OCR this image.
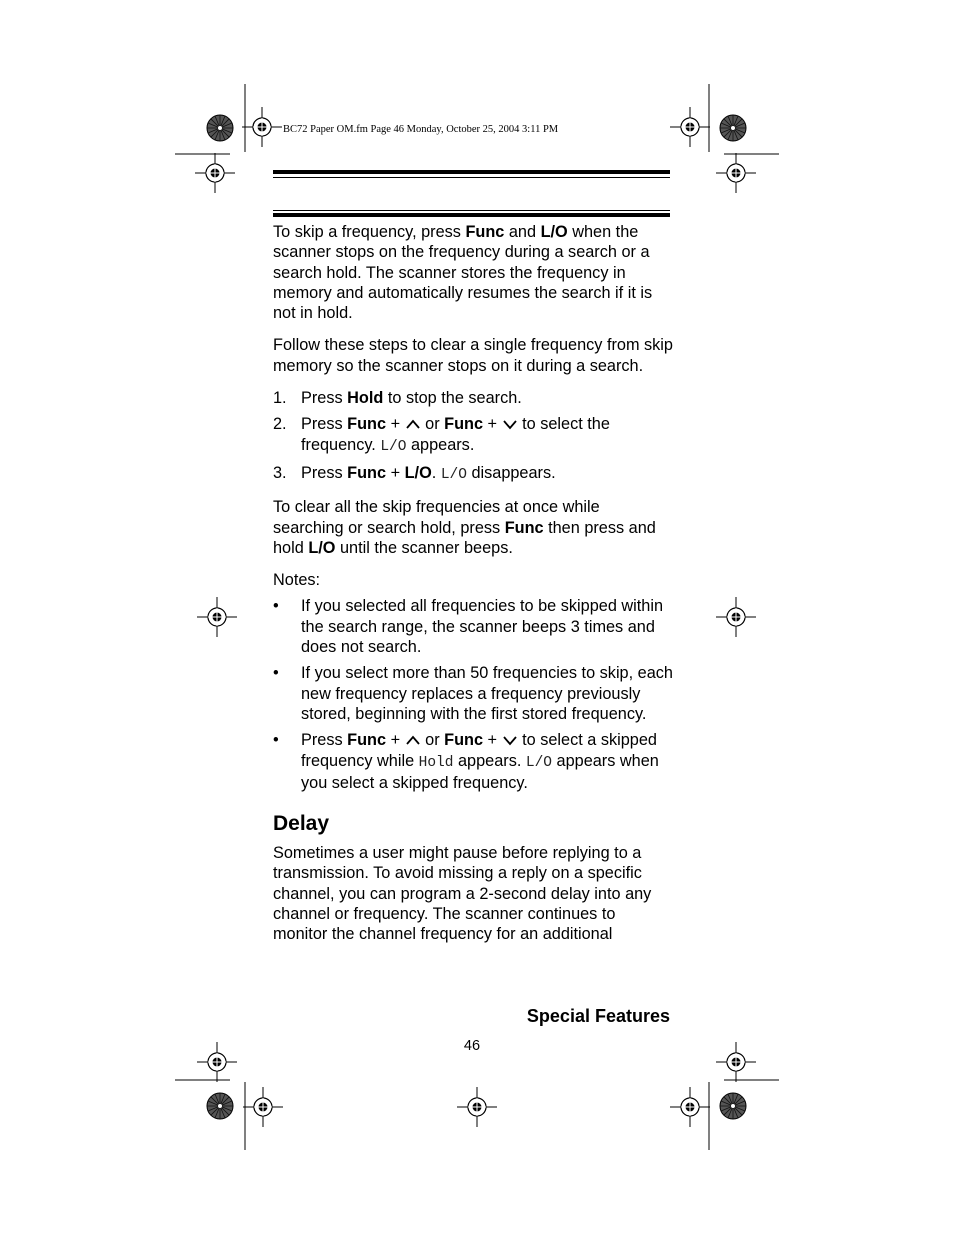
BC72 Paper OM.fm Page 46 Monday, October 25, 2004 3:11 PM

To skip a frequency, press Func and L/O when the scanner stops on the frequency during a search or a search hold. The scanner stores the frequency in memory and automatically resumes the search if it is not in hold.

Follow these steps to clear a single frequency from skip memory so the scanner stops on it during a search.

1. Press Hold to stop the search.
2. Press Func +  or Func +  to select the frequency. L/O appears.
3. Press Func + L/O. L/O disappears.

To clear all the skip frequencies at once while searching or search hold, press Func then press and hold L/O until the scanner beeps.

Notes:

• If you selected all frequencies to be skipped within the search range, the scanner beeps 3 times and does not search.
• If you select more than 50 frequencies to skip, each new frequency replaces a frequency previously stored, beginning with the first stored frequency.
• Press Func +  or Func +  to select a skipped frequency while Hold appears. L/O appears when you select a skipped frequency.
Delay

Sometimes a user might pause before replying to a transmission. To avoid missing a reply on a specific channel, you can program a 2-second delay into any channel or frequency. The scanner continues to monitor the channel frequency for an additional

Special Features
46
